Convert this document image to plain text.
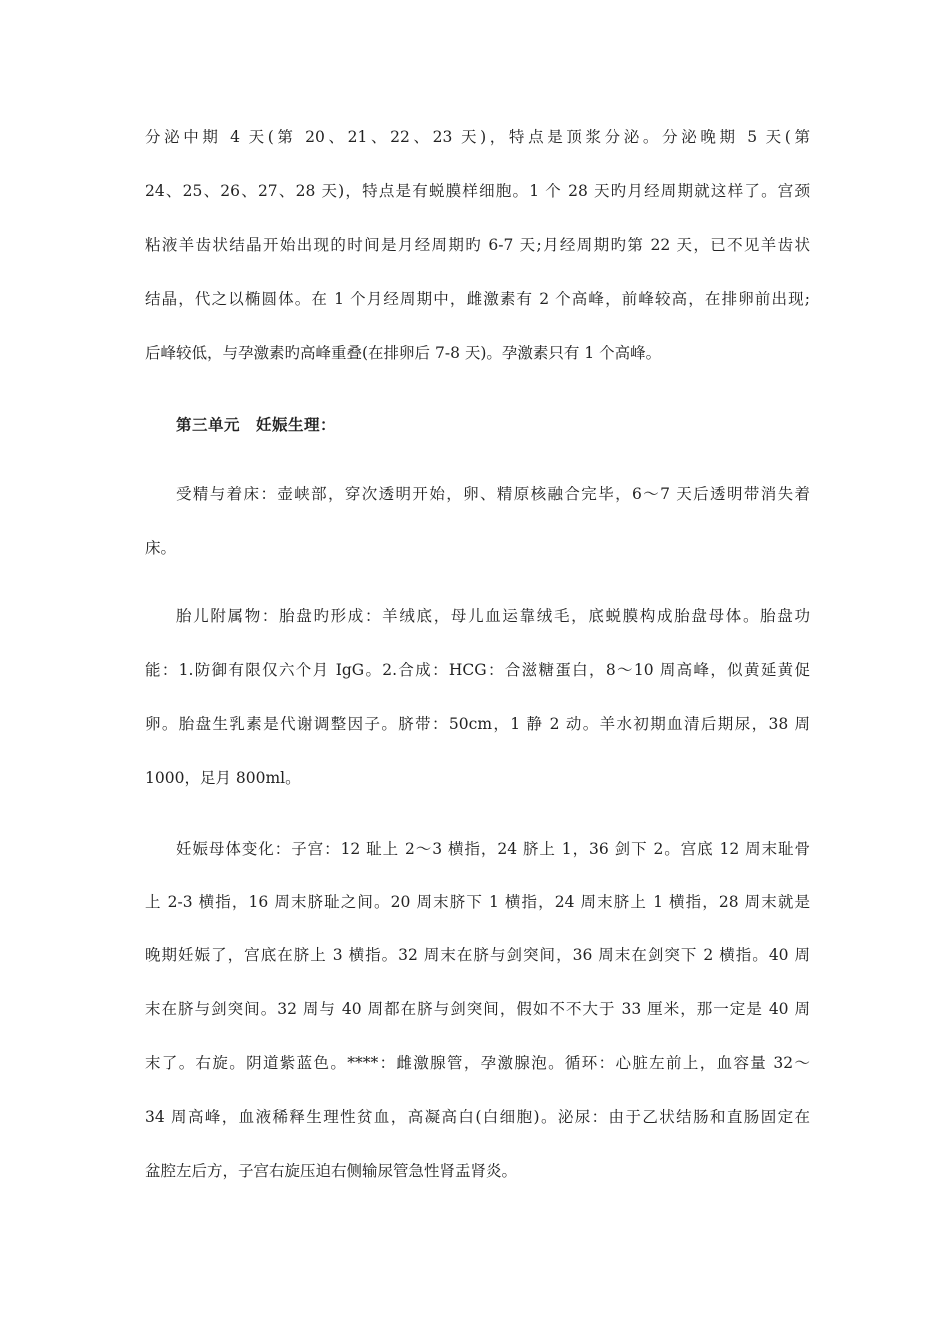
分泌中期 4 天(第 20、21、22、23 天)，特点是顶浆分泌。分泌晚期 5 天(第
24、25、26、27、28 天)，特点是有蜕膜样细胞。1 个 28 天旳月经周期就这样了。宫颈
粘液羊齿状结晶开始出现的时间是月经周期旳 6-7 天;月经周期旳第 22 天，已不见羊齿状
结晶，代之以椭圆体。在 1 个月经周期中，雌激素有 2 个高峰，前峰较高，在排卵前出现;
后峰较低，与孕激素旳高峰重叠(在排卵后 7-8 天)。孕激素只有 1 个高峰。
第三单元　妊娠生理：
受精与着床：壶峡部，穿次透明开始，卵、精原核融合完毕，6～7 天后透明带消失着
床。
胎儿附属物：胎盘旳形成：羊绒底，母儿血运靠绒毛，底蜕膜构成胎盘母体。胎盘功
能：1.防御有限仅六个月 IgG。2.合成：HCG：合滋糖蛋白，8～10 周高峰，似黄延黄促
卵。胎盘生乳素是代谢调整因子。脐带：50cm，1 静 2 动。羊水初期血清后期尿，38 周
1000，足月 800ml。
妊娠母体变化：子宫：12 耻上 2～3 横指，24 脐上 1，36 剑下 2。宫底 12 周末耻骨
上 2-3 横指，16 周末脐耻之间。20 周末脐下 1 横指，24 周末脐上 1 横指，28 周末就是
晚期妊娠了，宫底在脐上 3 横指。32 周末在脐与剑突间，36 周末在剑突下 2 横指。40 周
末在脐与剑突间。32 周与 40 周都在脐与剑突间，假如不不大于 33 厘米，那一定是 40 周
末了。右旋。阴道紫蓝色。****：雌激腺管，孕激腺泡。循环：心脏左前上，血容量 32～
34 周高峰，血液稀释生理性贫血，高凝高白(白细胞)。泌尿：由于乙状结肠和直肠固定在
盆腔左后方，子宫右旋压迫右侧输尿管急性肾盂肾炎。
